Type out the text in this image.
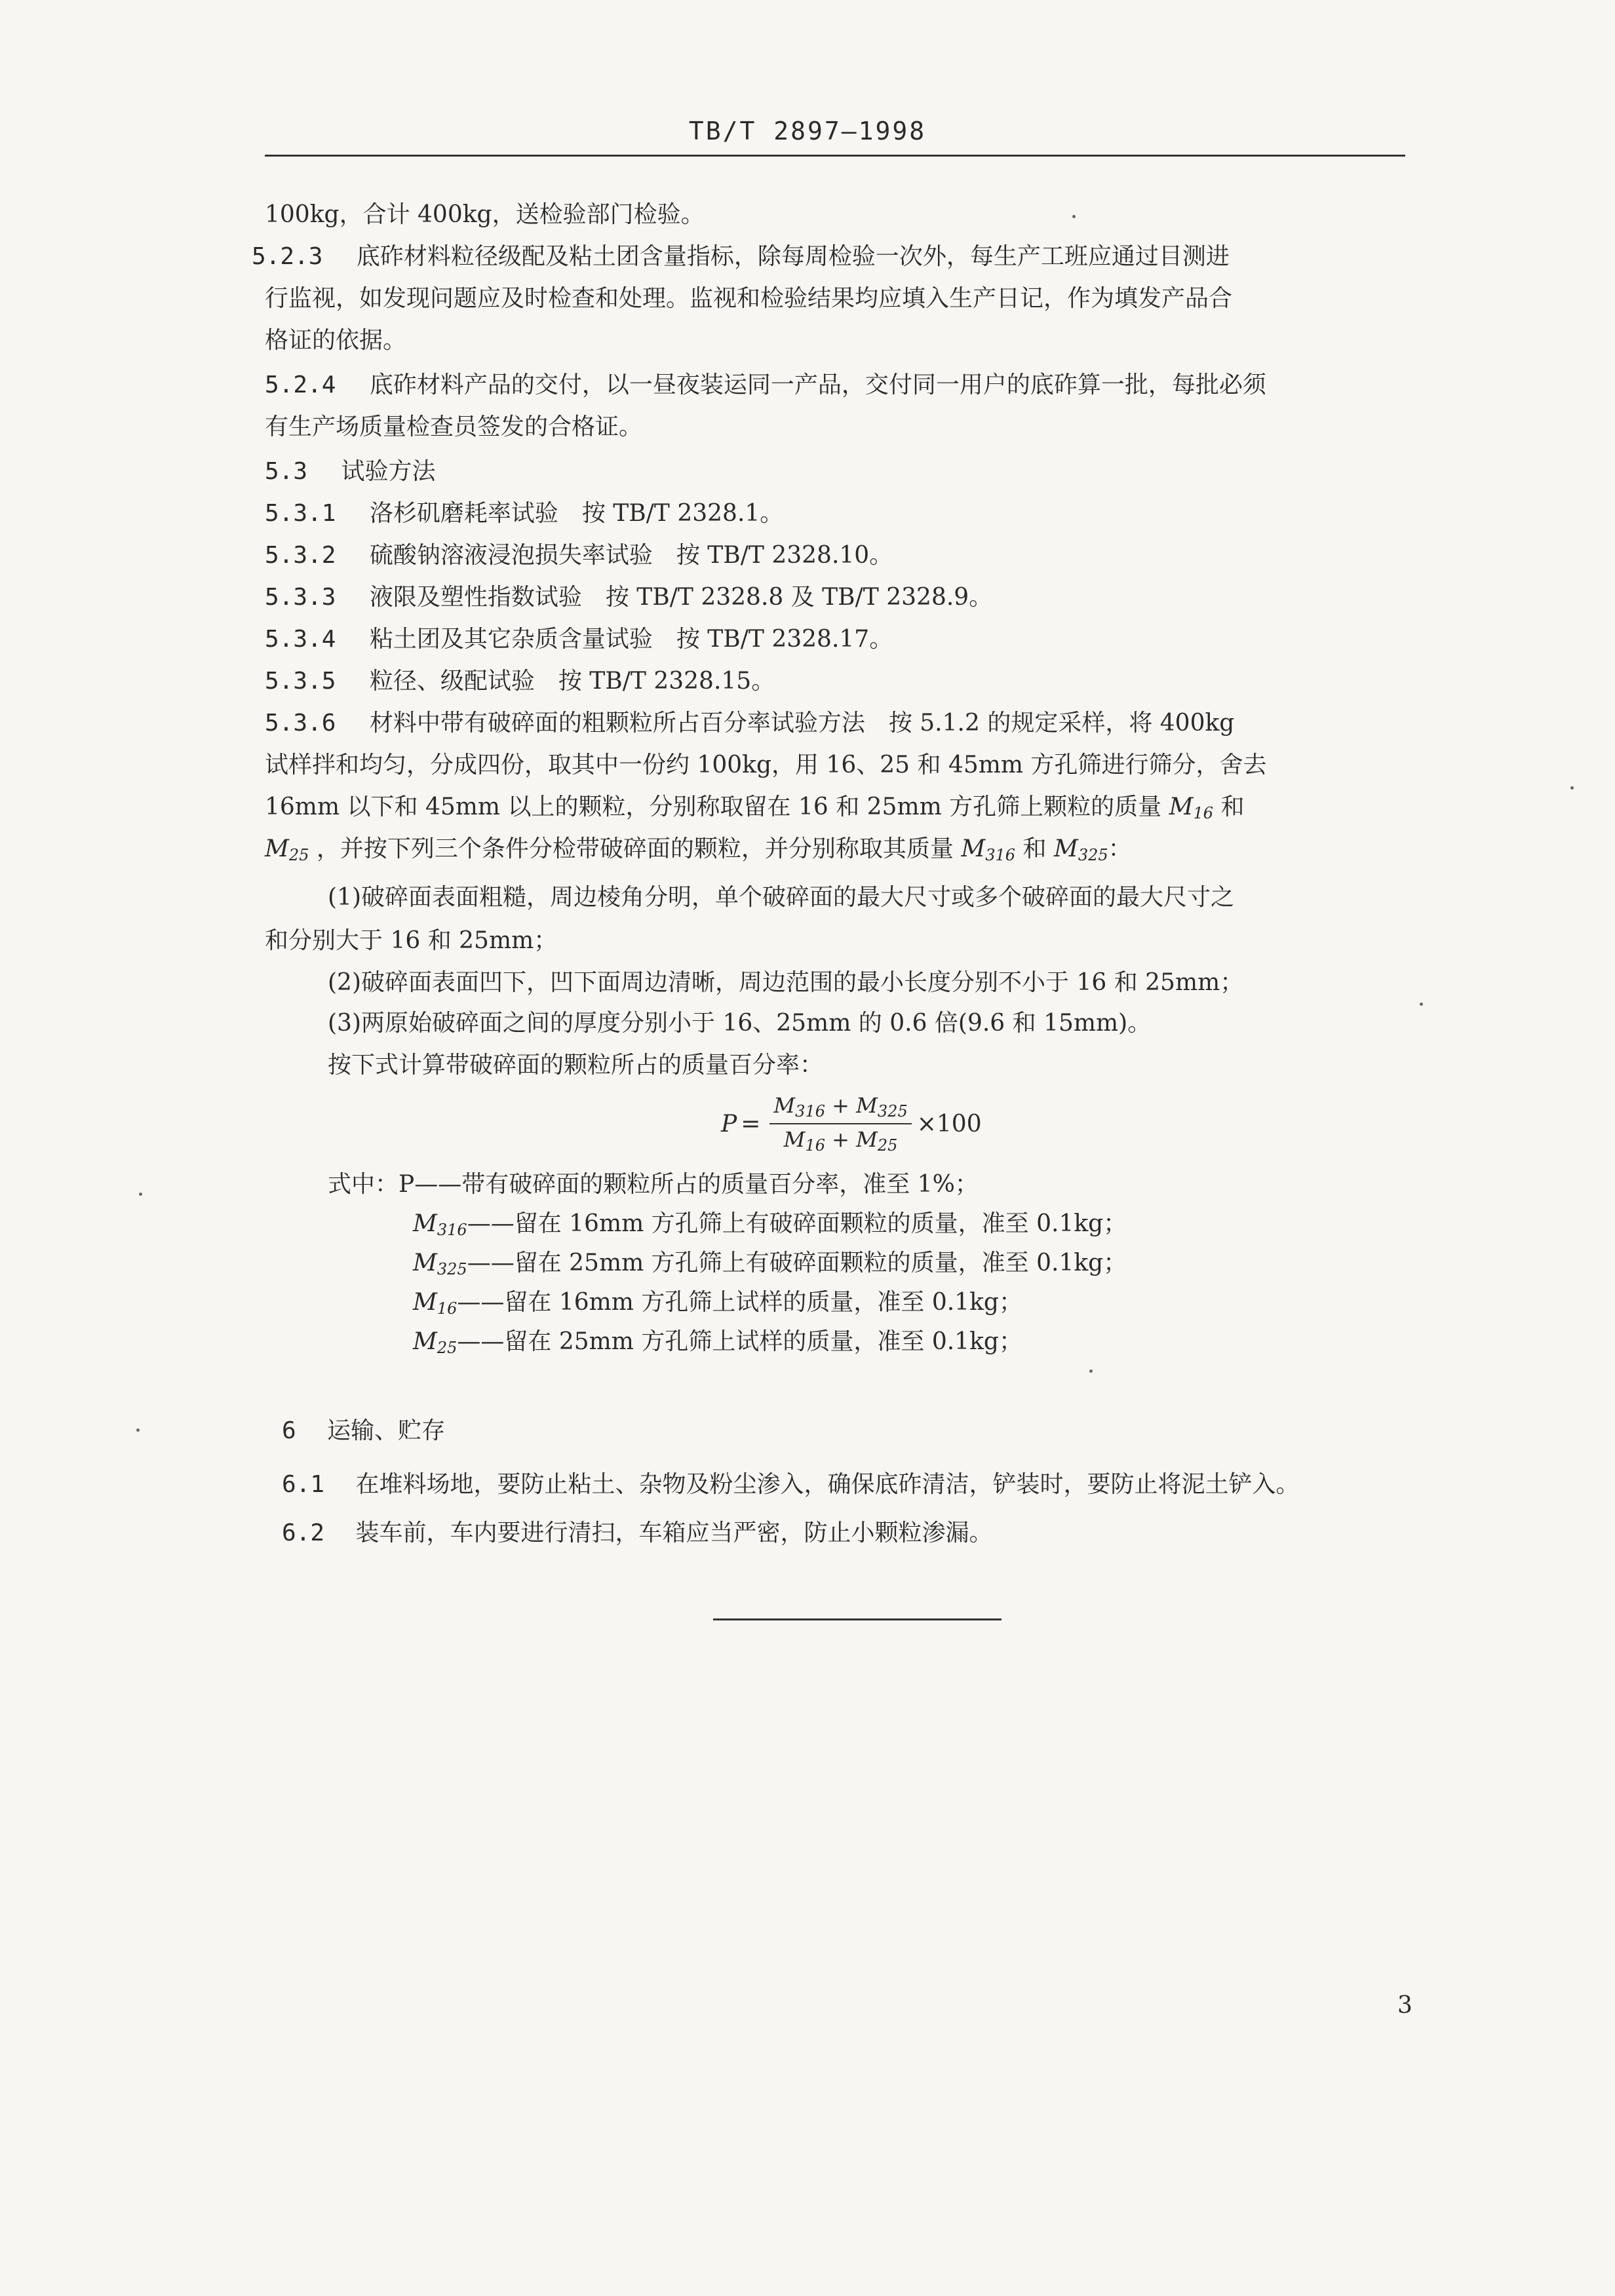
TB/T 2897—1998
100kg，合计 400kg，送检验部门检验。
5.2.3 底砟材料粒径级配及粘土团含量指标，除每周检验一次外，每生产工班应通过目测进
行监视，如发现问题应及时检查和处理。监视和检验结果均应填入生产日记，作为填发产品合
格证的依据。
5.2.4 底砟材料产品的交付，以一昼夜装运同一产品，交付同一用户的底砟算一批，每批必须
有生产场质量检查员签发的合格证。
5.3 试验方法
5.3.1 洛杉矶磨耗率试验　按 TB/T 2328.1。
5.3.2 硫酸钠溶液浸泡损失率试验　按 TB/T 2328.10。
5.3.3 液限及塑性指数试验　按 TB/T 2328.8 及 TB/T 2328.9。
5.3.4 粘土团及其它杂质含量试验　按 TB/T 2328.17。
5.3.5 粒径、级配试验　按 TB/T 2328.15。
5.3.6 材料中带有破碎面的粗颗粒所占百分率试验方法　按 5.1.2 的规定采样，将 400kg
试样拌和均匀，分成四份，取其中一份约 100kg，用 16、25 和 45mm 方孔筛进行筛分，舍去
16mm 以下和 45mm 以上的颗粒，分别称取留在 16 和 25mm 方孔筛上颗粒的质量 $M_{16}$ 和
$M_{25}$ ，并按下列三个条件分检带破碎面的颗粒，并分别称取其质量 $M_{316}$ 和 $M_{325}$：
(1)破碎面表面粗糙，周边棱角分明，单个破碎面的最大尺寸或多个破碎面的最大尺寸之
和分别大于 16 和 25mm；
(2)破碎面表面凹下，凹下面周边清晰，周边范围的最小长度分别不小于 16 和 25mm；
(3)两原始破碎面之间的厚度分别小于 16、25mm 的 0.6 倍(9.6 和 15mm)。
按下式计算带破碎面的颗粒所占的质量百分率：
$P = \frac{M_{316} + M_{325}}{M_{16} + M_{25}} \times 100$
式中：P——带有破碎面的颗粒所占的质量百分率，准至 1%；
$M_{316}——$留在 16mm 方孔筛上有破碎面颗粒的质量，准至 0.1kg；
$M_{325}——$留在 25mm 方孔筛上有破碎面颗粒的质量，准至 0.1kg；
$M_{16}——$留在 16mm 方孔筛上试样的质量，准至 0.1kg；
$M_{25}——$留在 25mm 方孔筛上试样的质量，准至 0.1kg；
6 运输、贮存
6.1 在堆料场地，要防止粘土、杂物及粉尘渗入，确保底砟清洁，铲装时，要防止将泥土铲入。
6.2 装车前，车内要进行清扫，车箱应当严密，防止小颗粒渗漏。
3
